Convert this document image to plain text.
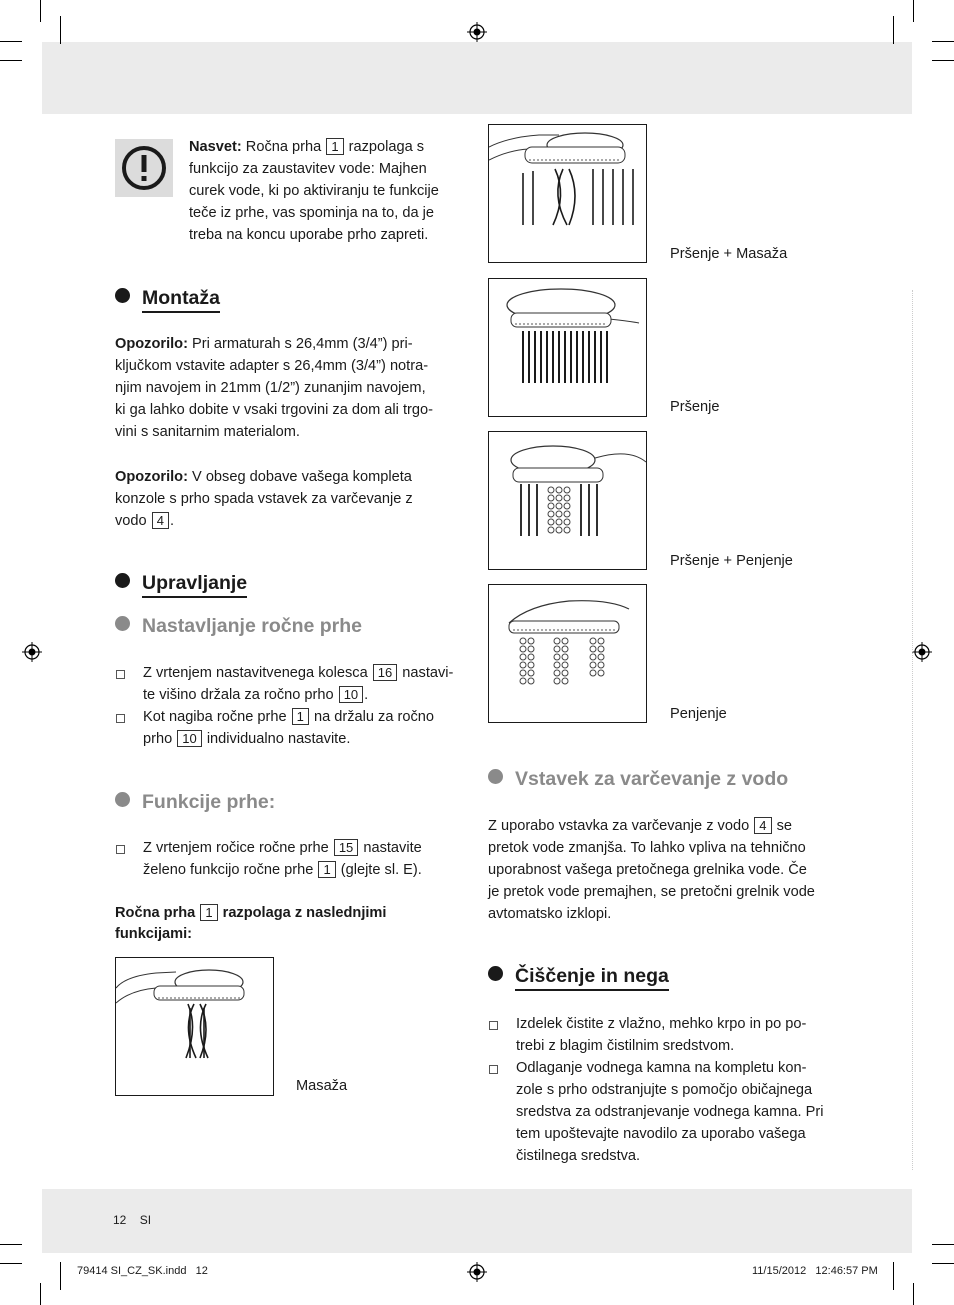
Nasvet: Ročna prha 1 razpolaga s
funkcijo za zaustavitev vode: Majhen
curek vode, ki po aktiviranju te funkcije
teče iz prhe, vas spominja na to, da je
treba na koncu uporabe prho zapreti.
Montaža
Opozorilo: Pri armaturah s 26,4mm (3/4”) pri-
ključkom vstavite adapter s 26,4mm (3/4”) notra-
njim navojem in 21mm (1/2”) zunanjim navojem,
ki ga lahko dobite v vsaki trgovini za dom ali trgo-
vini s sanitarnim materialom.
Opozorilo: V obseg dobave vašega kompleta
konzole s prho spada vstavek za varčevanje z
vodo 4 .
Upravljanje
Nastavljanje ročne prhe
Z vrtenjem nastavitvenega kolesca 16 nastavi-
te višino držala za ročno prho 10 .
Kot nagiba ročne prhe 1 na držalu za ročno
prho 10 individualno nastavite.
Funkcije prhe:
Z vrtenjem ročice ročne prhe 15 nastavite
želeno funkcijo ročne prhe 1 (glejte sl. E).
Ročna prha 1 razpolaga z naslednjimi
funkcijami:
Masaža
Pršenje + Masaža
Pršenje
Pršenje + Penjenje
Penjenje
Vstavek za varčevanje z vodo
Z uporabo vstavka za varčevanje z vodo 4 se
pretok vode zmanjša. To lahko vpliva na tehnično
uporabnost vašega pretočnega grelnika vode. Če
je pretok vode premajhen, se pretočni grelnik vode
avtomatsko izklopi.
Čiščenje in nega
Izdelek čistite z vlažno, mehko krpo in po po-
trebi z blagim čistilnim sredstvom.
Odlaganje vodnega kamna na kompletu kon-
zole s prho odstranjujte s pomočjo običajnega
sredstva za odstranjevanje vodnega kamna. Pri
tem upoštevajte navodilo za uporabo vašega
čistilnega sredstva.
12 SI
79414 SI_CZ_SK.indd   12	11/15/2012   12:46:57 PM
